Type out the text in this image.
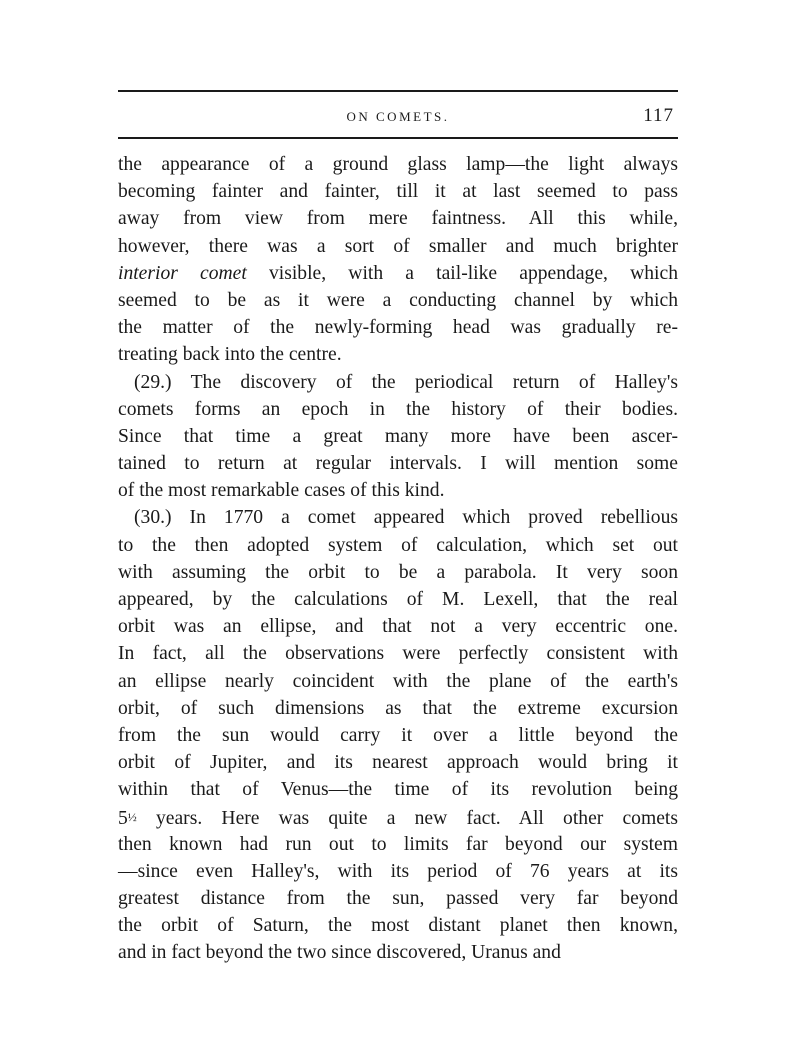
ON COMETS.	117
the appearance of a ground glass lamp—the light always
becoming fainter and fainter, till it at last seemed to pass
away from view from mere faintness. All this while,
however, there was a sort of smaller and much brighter
interior comet visible, with a tail-like appendage, which
seemed to be as it were a conducting channel by which
the matter of the newly-forming head was gradually re-
treating back into the centre.
(29.) The discovery of the periodical return of Halley's
comets forms an epoch in the history of their bodies.
Since that time a great many more have been ascer-
tained to return at regular intervals. I will mention some
of the most remarkable cases of this kind.
(30.) In 1770 a comet appeared which proved rebellious
to the then adopted system of calculation, which set out
with assuming the orbit to be a parabola. It very soon
appeared, by the calculations of M. Lexell, that the real
orbit was an ellipse, and that not a very eccentric one.
In fact, all the observations were perfectly consistent with
an ellipse nearly coincident with the plane of the earth's
orbit, of such dimensions as that the extreme excursion
from the sun would carry it over a little beyond the
orbit of Jupiter, and its nearest approach would bring it
within that of Venus—the time of its revolution being
5½ years. Here was quite a new fact. All other comets
then known had run out to limits far beyond our system
—since even Halley's, with its period of 76 years at its
greatest distance from the sun, passed very far beyond
the orbit of Saturn, the most distant planet then known,
and in fact beyond the two since discovered, Uranus and
